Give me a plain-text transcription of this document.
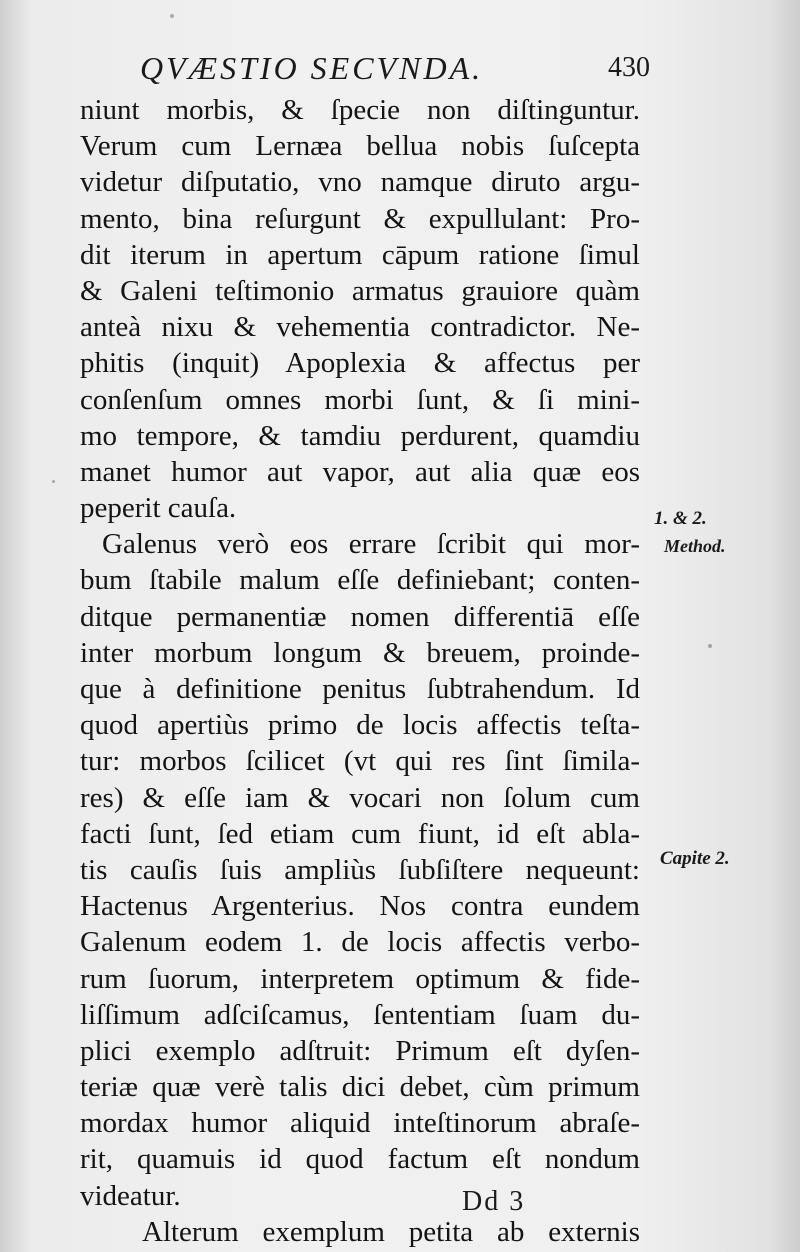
QVÆSTIO SECVNDA.	430
niunt morbis, & ſpecie non diſtinguntur.
Verum cum Lernæa bellua nobis ſuſcepta
videtur diſputatio, vno namque diruto argu-
mento, bina reſurgunt & expullulant: Pro-
dit iterum in apertum cāpum ratione ſimul
& Galeni teſtimonio armatus grauiore quàm
anteà nixu & vehementia contradictor. Ne-
phitis (inquit) Apoplexia & affectus per
conſenſum omnes morbi ſunt, & ſi mini-
mo tempore, & tamdiu perdurent, quamdiu
manet humor aut vapor, aut alia quæ eos
peperit cauſa.
Galenus verò eos errare ſcribit qui mor-
bum ſtabile malum eſſe definiebant; conten-
ditque permanentiæ nomen differentiā eſſe
inter morbum longum & breuem, proinde-
que à definitione penitus ſubtrahendum. Id
quod apertiùs primo de locis affectis teſta-
tur: morbos ſcilicet (vt qui res ſint ſimila-
res) & eſſe iam & vocari non ſolum cum
facti ſunt, ſed etiam cum fiunt, id eſt abla-
tis cauſis ſuis ampliùs ſubſiſtere nequeunt:
Hactenus Argenterius. Nos contra eundem
Galenum eodem 1. de locis affectis verbo-
rum ſuorum, interpretem optimum & fide-
liſſimum adſciſcamus, ſententiam ſuam du-
plici exemplo adſtruit: Primum eſt dyſen-
teriæ quæ verè talis dici debet, cùm primum
mordax humor aliquid inteſtinorum abraſe-
rit, quamuis id quod factum eſt nondum
videatur.
Alterum exemplum petita ab externis
1. & 2.
Method.
Capite 2.
Dd 3
